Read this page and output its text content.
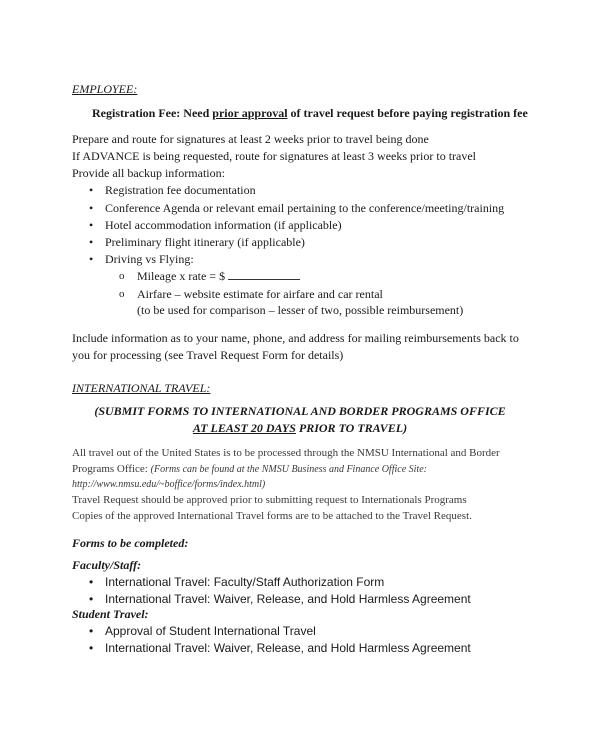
EMPLOYEE:
Registration Fee: Need prior approval of travel request before paying registration fee
Prepare and route for signatures at least 2 weeks prior to travel being done
If ADVANCE is being requested, route for signatures at least 3 weeks prior to travel
Provide all backup information:
• Registration fee documentation
• Conference Agenda or relevant email pertaining to the conference/meeting/training
• Hotel accommodation information (if applicable)
• Preliminary flight itinerary (if applicable)
• Driving vs Flying:
o Mileage x rate = $
o Airfare – website estimate for airfare and car rental
(to be used for comparison – lesser of two, possible reimbursement)
Include information as to your name, phone, and address for mailing reimbursements back to
you for processing (see Travel Request Form for details)
INTERNATIONAL TRAVEL:
(SUBMIT FORMS TO INTERNATIONAL AND BORDER PROGRAMS OFFICE
AT LEAST 20 DAYS PRIOR TO TRAVEL)
All travel out of the United States is to be processed through the NMSU International and Border
Programs Office: (Forms can be found at the NMSU Business and Finance Office Site:
http://www.nmsu.edu/~boffice/forms/index.html)
Travel Request should be approved prior to submitting request to Internationals Programs
Copies of the approved International Travel forms are to be attached to the Travel Request.
Forms to be completed:
Faculty/Staff:
• International Travel: Faculty/Staff Authorization Form
• International Travel: Waiver, Release, and Hold Harmless Agreement
Student Travel:
• Approval of Student International Travel
• International Travel: Waiver, Release, and Hold Harmless Agreement
